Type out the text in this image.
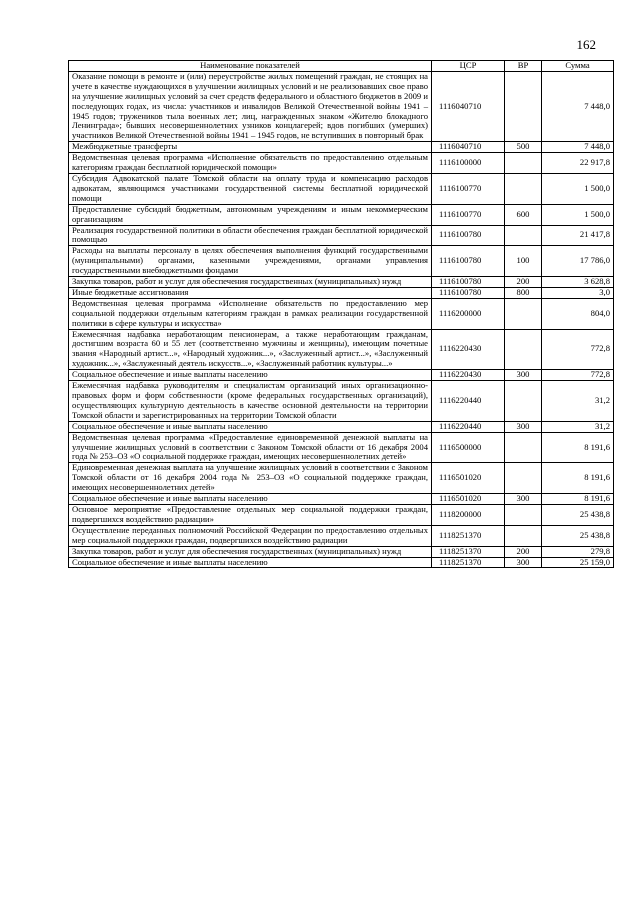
162
Наименование показателей	ЦСР	ВР	Сумма
Оказание помощи в ремонте и (или) переустройстве жилых помещений граждан, не стоящих на учете в качестве нуждающихся в улучшении жилищных условий и не реализовавших свое право на улучшение жилищных условий за счет средств федерального и областного бюджетов в 2009 и последующих годах, из числа: участников и инвалидов Великой Отечественной войны 1941 – 1945 годов; тружеников тыла военных лет; лиц, награжденных знаком «Жителю блокадного Ленинграда»; бывших несовершеннолетних узников концлагерей; вдов погибших (умерших) участников Великой Отечественной войны 1941 – 1945 годов, не вступивших в повторный брак	1116040710		7 448,0
Межбюджетные трансферты	1116040710	500	7 448,0
Ведомственная целевая программа «Исполнение обязательств по предоставлению отдельным категориям граждан бесплатной юридической помощи»	1116100000		22 917,8
Субсидия Адвокатской палате Томской области на оплату труда и компенсацию расходов адвокатам, являющимся участниками государственной системы бесплатной юридической помощи	1116100770		1 500,0
Предоставление субсидий бюджетным, автономным учреждениям и иным некоммерческим организациям	1116100770	600	1 500,0
Реализация государственной политики в области обеспечения граждан бесплатной юридической помощью	1116100780		21 417,8
Расходы на выплаты персоналу в целях обеспечения выполнения функций государственными (муниципальными) органами, казенными учреждениями, органами управления государственными внебюджетными фондами	1116100780	100	17 786,0
Закупка товаров, работ и услуг для обеспечения государственных (муниципальных) нужд	1116100780	200	3 628,8
Иные бюджетные ассигнования	1116100780	800	3,0
Ведомственная целевая программа «Исполнение обязательств по предоставлению мер социальной поддержки отдельным категориям граждан в рамках реализации государственной политики в сфере культуры и искусства»	1116200000		804,0
Ежемесячная надбавка неработающим пенсионерам, а также неработающим гражданам, достигшим возраста 60 и 55 лет (соответственно мужчины и женщины), имеющим почетные звания «Народный артист...», «Народный художник...», «Заслуженный артист...», «Заслуженный художник...», «Заслуженный деятель искусств...», «Заслуженный работник культуры...»	1116220430		772,8
Социальное обеспечение и иные выплаты населению	1116220430	300	772,8
Ежемесячная надбавка руководителям и специалистам организаций иных организационно-правовых форм и форм собственности (кроме федеральных государственных организаций), осуществляющих культурную деятельность в качестве основной деятельности на территории Томской области и зарегистрированных на территории Томской области	1116220440		31,2
Социальное обеспечение и иные выплаты населению	1116220440	300	31,2
Ведомственная целевая программа «Предоставление единовременной денежной выплаты на улучшение жилищных условий в соответствии с Законом Томской области от 16 декабря 2004 года № 253–ОЗ «О социальной поддержке граждан, имеющих несовершеннолетних детей»	1116500000		8 191,6
Единовременная денежная выплата на улучшение жилищных условий в соответствии с Законом Томской области от 16 декабря 2004 года № 253–ОЗ «О социальной поддержке граждан, имеющих несовершеннолетних детей»	1116501020		8 191,6
Социальное обеспечение и иные выплаты населению	1116501020	300	8 191,6
Основное мероприятие «Предоставление отдельных мер социальной поддержки граждан, подвергшихся воздействию радиации»	1118200000		25 438,8
Осуществление переданных полномочий Российской Федерации по предоставлению отдельных мер социальной поддержки граждан, подвергшихся воздействию радиации	1118251370		25 438,8
Закупка товаров, работ и услуг для обеспечения государственных (муниципальных) нужд	1118251370	200	279,8
Социальное обеспечение и иные выплаты населению	1118251370	300	25 159,0
